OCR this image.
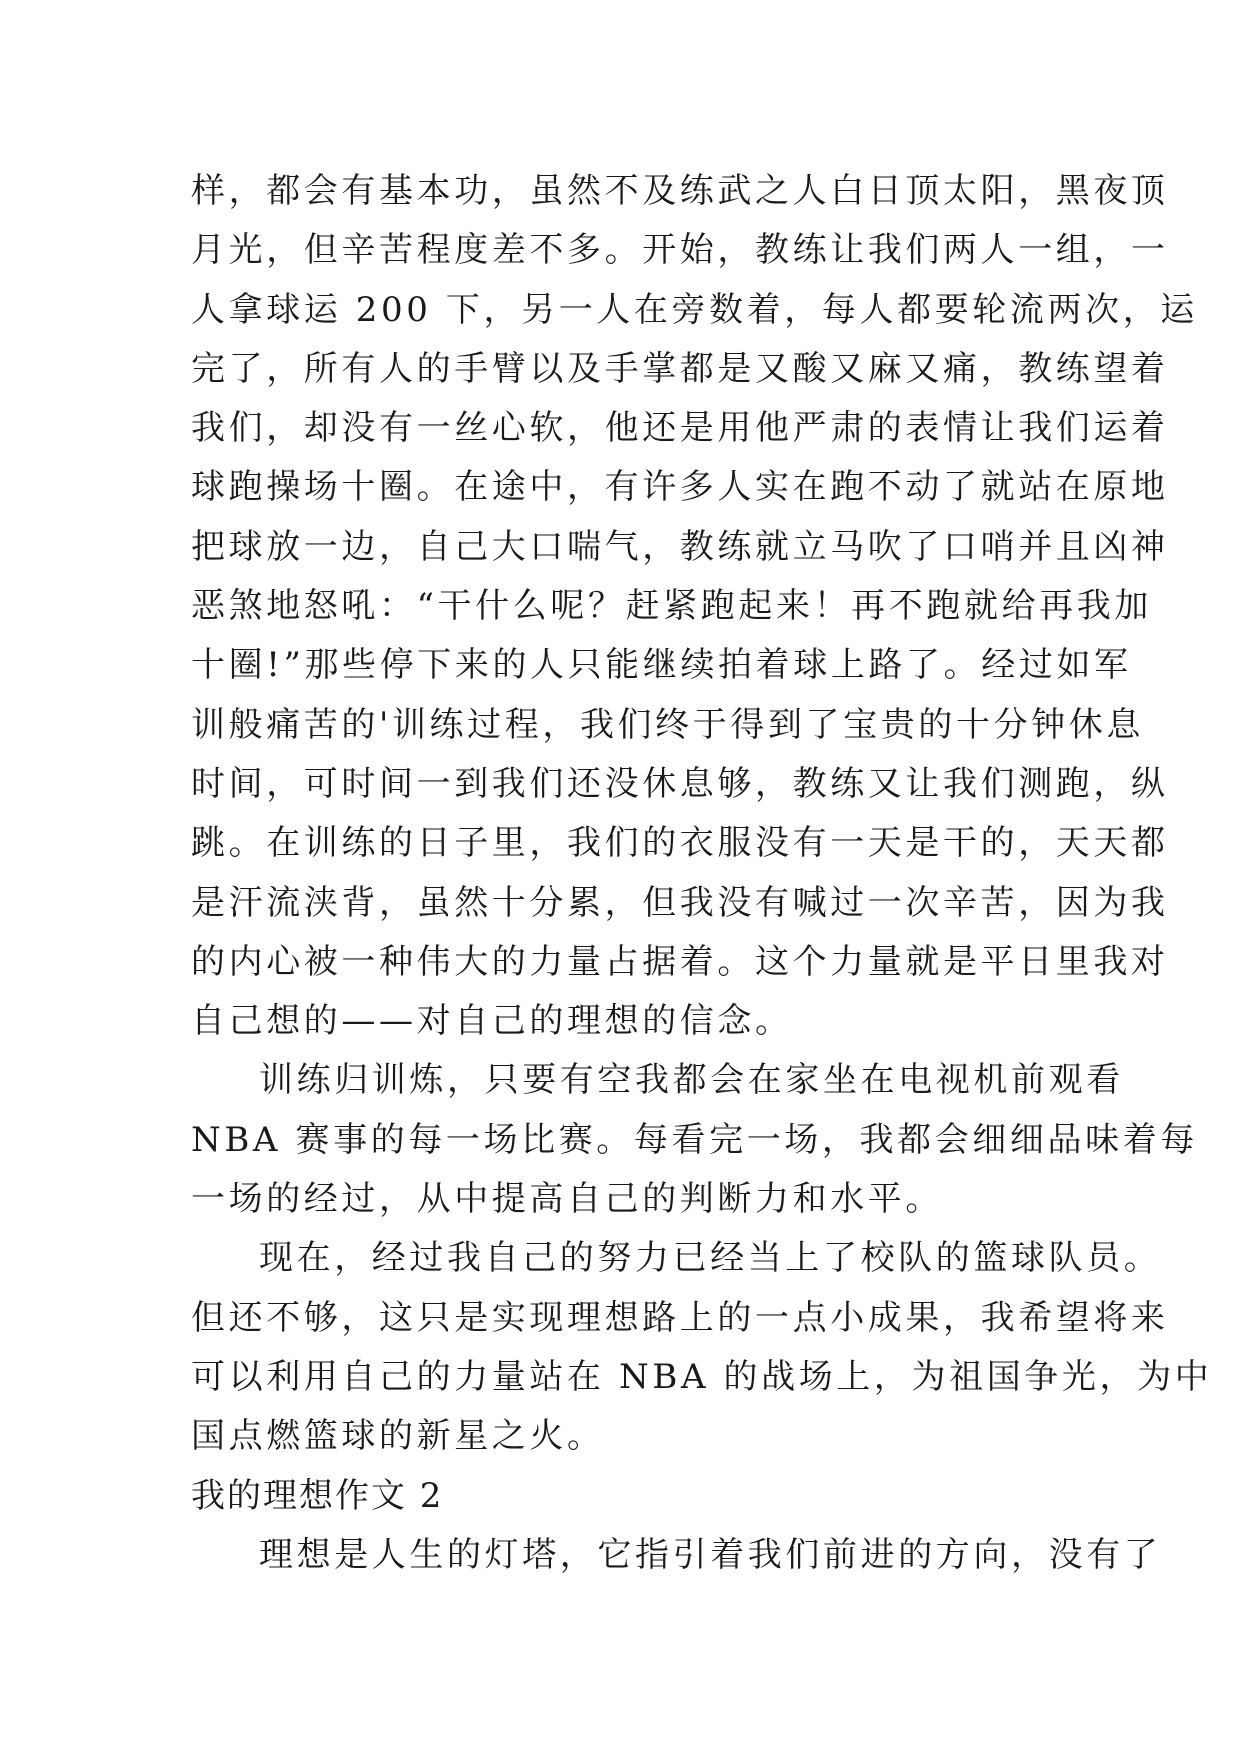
样，都会有基本功，虽然不及练武之人白日顶太阳，黑夜顶
月光，但辛苦程度差不多。开始，教练让我们两人一组，一
人拿球运 200 下，另一人在旁数着，每人都要轮流两次，运
完了，所有人的手臂以及手掌都是又酸又麻又痛，教练望着
我们，却没有一丝心软，他还是用他严肃的表情让我们运着
球跑操场十圈。在途中，有许多人实在跑不动了就站在原地
把球放一边，自己大口喘气，教练就立马吹了口哨并且凶神
恶煞地怒吼：“干什么呢？赶紧跑起来！再不跑就给再我加
十圈!”那些停下来的人只能继续拍着球上路了。经过如军
训般痛苦的'训练过程，我们终于得到了宝贵的十分钟休息
时间，可时间一到我们还没休息够，教练又让我们测跑，纵
跳。在训练的日子里，我们的衣服没有一天是干的，天天都
是汗流浃背，虽然十分累，但我没有喊过一次辛苦，因为我
的内心被一种伟大的力量占据着。这个力量就是平日里我对
自己想的——对自己的理想的信念。
训练归训炼，只要有空我都会在家坐在电视机前观看
NBA 赛事的每一场比赛。每看完一场，我都会细细品味着每
一场的经过，从中提高自己的判断力和水平。
现在，经过我自己的努力已经当上了校队的篮球队员。
但还不够，这只是实现理想路上的一点小成果，我希望将来
可以利用自己的力量站在 NBA 的战场上，为祖国争光，为中
国点燃篮球的新星之火。
我的理想作文 2
理想是人生的灯塔，它指引着我们前进的方向，没有了
